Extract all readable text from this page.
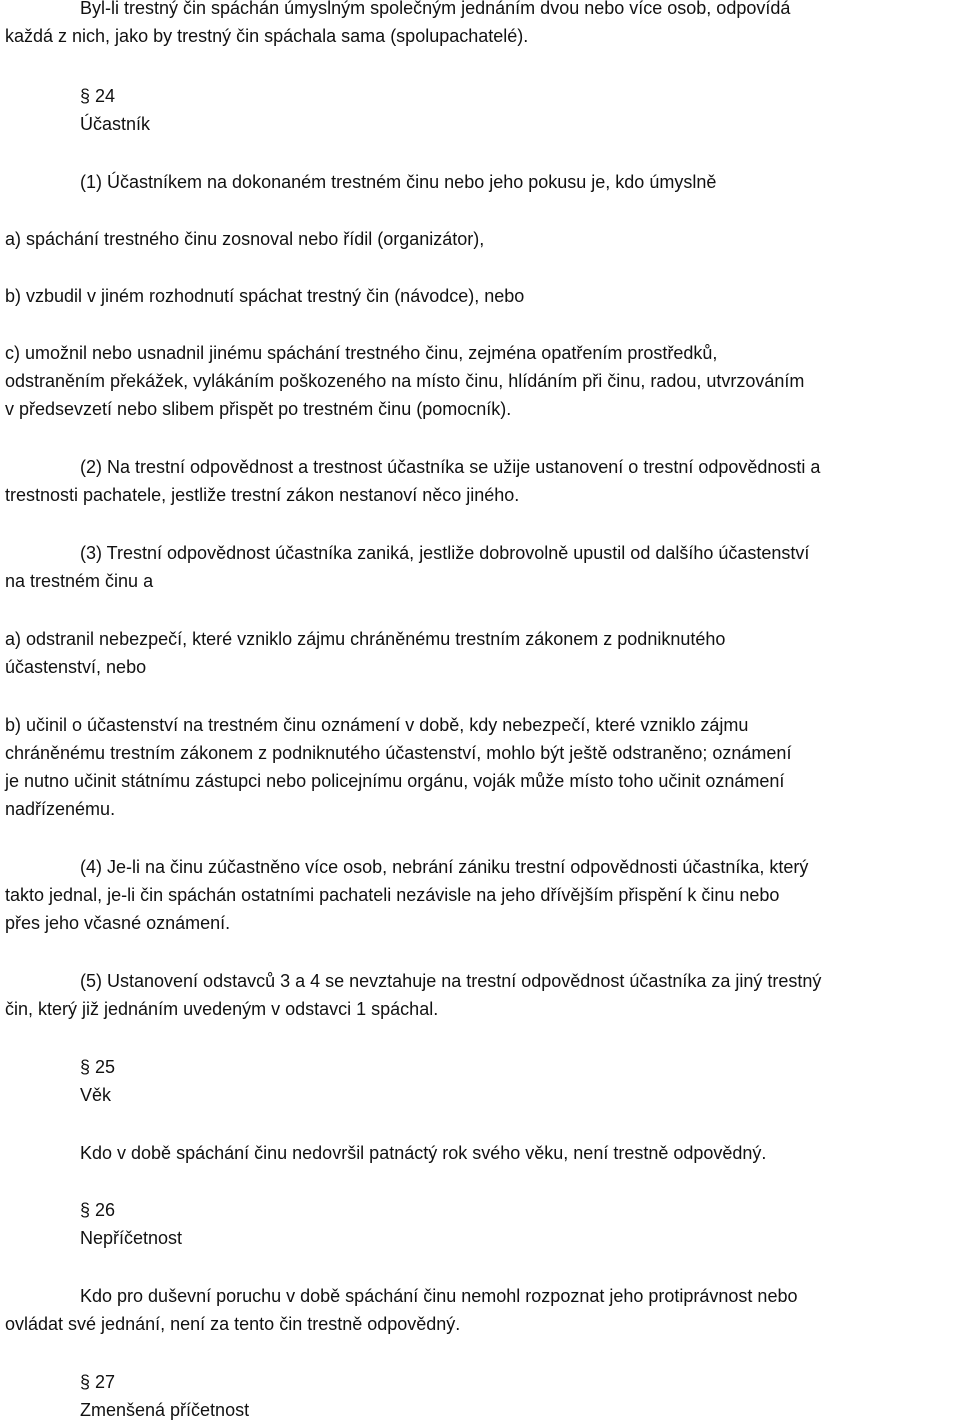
Byl-li trestný čin spáchán úmyslným společným jednáním dvou nebo více osob, odpovídá
každá z nich, jako by trestný čin spáchala sama (spolupachatelé).
§ 24
Účastník
(1) Účastníkem na dokonaném trestném činu nebo jeho pokusu je, kdo úmyslně
a) spáchání trestného činu zosnoval nebo řídil (organizátor),
b) vzbudil v jiném rozhodnutí spáchat trestný čin (návodce), nebo
c) umožnil nebo usnadnil jinému spáchání trestného činu, zejména opatřením prostředků,
odstraněním překážek, vylákáním poškozeného na místo činu, hlídáním při činu, radou, utvrzováním
v předsevzetí nebo slibem přispět po trestném činu (pomocník).
(2) Na trestní odpovědnost a trestnost účastníka se užije ustanovení o trestní odpovědnosti a
trestnosti pachatele, jestliže trestní zákon nestanoví něco jiného.
(3) Trestní odpovědnost účastníka zaniká, jestliže dobrovolně upustil od dalšího účastenství
na trestném činu a
a) odstranil nebezpečí, které vzniklo zájmu chráněnému trestním zákonem z podniknutého
účastenství, nebo
b) učinil o účastenství na trestném činu oznámení v době, kdy nebezpečí, které vzniklo zájmu
chráněnému trestním zákonem z podniknutého účastenství, mohlo být ještě odstraněno; oznámení
je nutno učinit státnímu zástupci nebo policejnímu orgánu, voják může místo toho učinit oznámení
nadřízenému.
(4) Je-li na činu zúčastněno více osob, nebrání zániku trestní odpovědnosti účastníka, který
takto jednal, je-li čin spáchán ostatními pachateli nezávisle na jeho dřívějším přispění k činu nebo
přes jeho včasné oznámení.
(5) Ustanovení odstavců 3 a 4 se nevztahuje na trestní odpovědnost účastníka za jiný trestný
čin, který již jednáním uvedeným v odstavci 1 spáchal.
§ 25
Věk
Kdo v době spáchání činu nedovršil patnáctý rok svého věku, není trestně odpovědný.
§ 26
Nepříčetnost
Kdo pro duševní poruchu v době spáchání činu nemohl rozpoznat jeho protiprávnost nebo
ovládat své jednání, není za tento čin trestně odpovědný.
§ 27
Zmenšená příčetnost
